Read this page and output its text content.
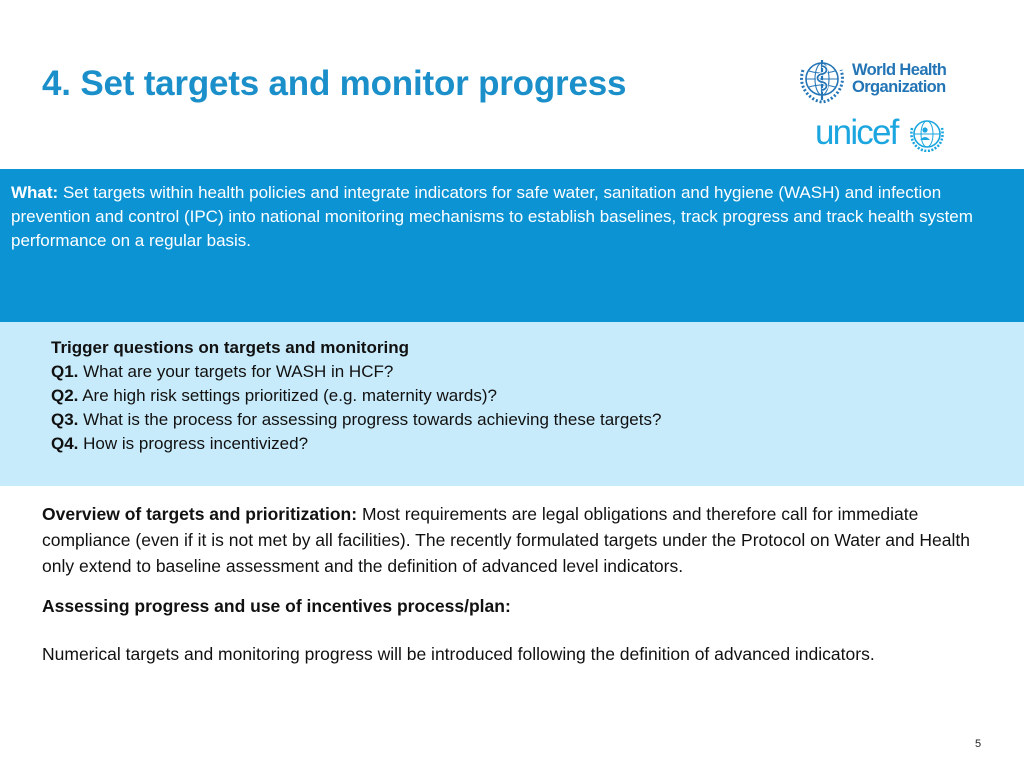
4. Set targets and monitor progress	World Health
Organization
unicef

What: Set targets within health policies and integrate indicators for safe water, sanitation and hygiene (WASH) and infection prevention and control (IPC) into national monitoring mechanisms to establish baselines, track progress and track health system performance on a regular basis.

Trigger questions on targets and monitoring
Q1. What are your targets for WASH in HCF?
Q2. Are high risk settings prioritized (e.g. maternity wards)?
Q3. What is the process for assessing progress towards achieving these targets?
Q4. How is progress incentivized?

Overview of targets and prioritization: Most requirements are legal obligations and therefore call for immediate compliance (even if it is not met by all facilities). The recently formulated targets under the Protocol on Water and Health only extend to baseline assessment and the definition of advanced level indicators.

Assessing progress and use of incentives process/plan:

Numerical targets and monitoring progress will be introduced following the definition of advanced indicators.

5
